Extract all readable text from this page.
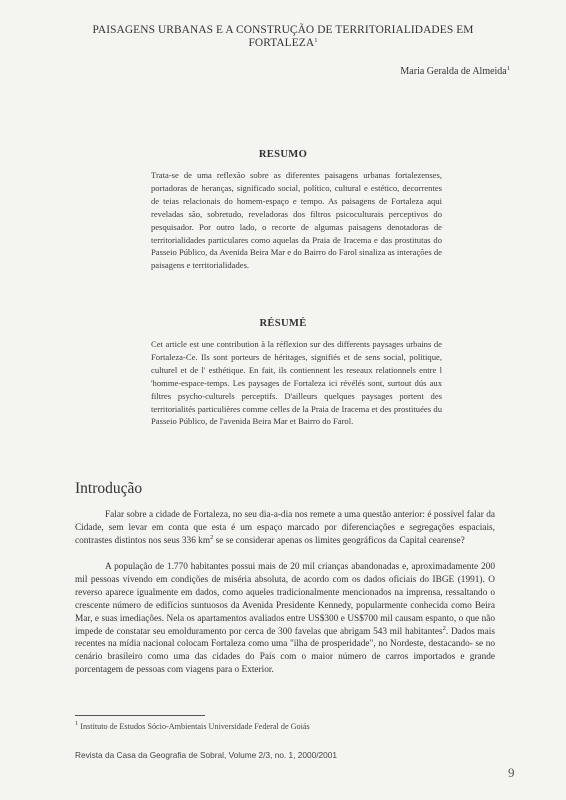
PAISAGENS URBANAS E A CONSTRUÇÃO DE TERRITORIALIDADES EM FORTALEZA$^1$
Maria Geralda de Almeida$^1$
RESUMO

Trata-se de uma reflexão sobre as diferentes paisagens urbanas fortalezenses, portadoras de heranças, significado social, político, cultural e estético, decorrentes de teias relacionais do homem-espaço e tempo. As paisagens de Fortaleza aqui reveladas são, sobretudo, reveladoras dos filtros psicoculturais perceptivos do pesquisador. Por outro lado, o recorte de algumas paisagens denotadoras de territorialidades particulares como aquelas da Praia de Iracema e das prostitutas do Passeio Público, da Avenida Beira Mar e do Bairro do Farol sinaliza as interações de paisagens e territorialidades.

RÉSUMÉ

Cet article est une contribution à la réflexion sur des differents paysages urbains de Fortaleza-Ce. Ils sont porteurs de héritages, signifiés et de sens social, politique, culturel et de l' esthétique. En fait, ils contiennent les reseaux relationnels entre l 'homme-espace-temps. Les paysages de Fortaleza ici révélés sont, surtout dús aux filtres psycho-culturels perceptifs. D'ailleurs quelques paysages portent des territorialités particulières comme celles de la Praia de Iracema et des prostituées du Passeio Público, de l'avenida Beira Mar et Bairro do Farol.

Introdução

Falar sobre a cidade de Fortaleza, no seu dia-a-dia nos remete a uma questão anterior: é possível falar da Cidade, sem levar em conta que esta é um espaço marcado por diferenciações e segregações espaciais, contrastes distintos nos seus 336 $km^2$ se se considerar apenas os limites geográficos da Capital cearense?

A população de 1.770 habitantes possui mais de 20 mil crianças abandonadas e, aproximadamente 200 mil pessoas vivendo em condições de miséria absoluta, de acordo com os dados oficiais do IBGE (1991). O reverso aparece igualmente em dados, como aqueles tradicionalmente mencionados na imprensa, ressaltando o crescente número de edifícios suntuosos da Avenida Presidente Kennedy, popularmente conhecida como Beira Mar, e suas imediações. Nela os apartamentos avaliados entre US$300 e US$700 mil causam espanto, o que não impede de constatar seu emolduramento por cerca de 300 favelas que abrigam 543 mil habitantes$^2$. Dados mais recentes na mídia nacional colocam Fortaleza como uma "ilha de prosperidade", no Nordeste, destacando- se no cenário brasileiro como uma das cidades do País com o maior número de carros importados e grande porcentagem de pessoas com viagens para o Exterior.

$^1$ Instituto de Estudos Sócio-Ambientais Universidade Federal de Goiás
Revista da Casa da Geografia de Sobral, Volume 2/3, no. 1, 2000/2001
9
